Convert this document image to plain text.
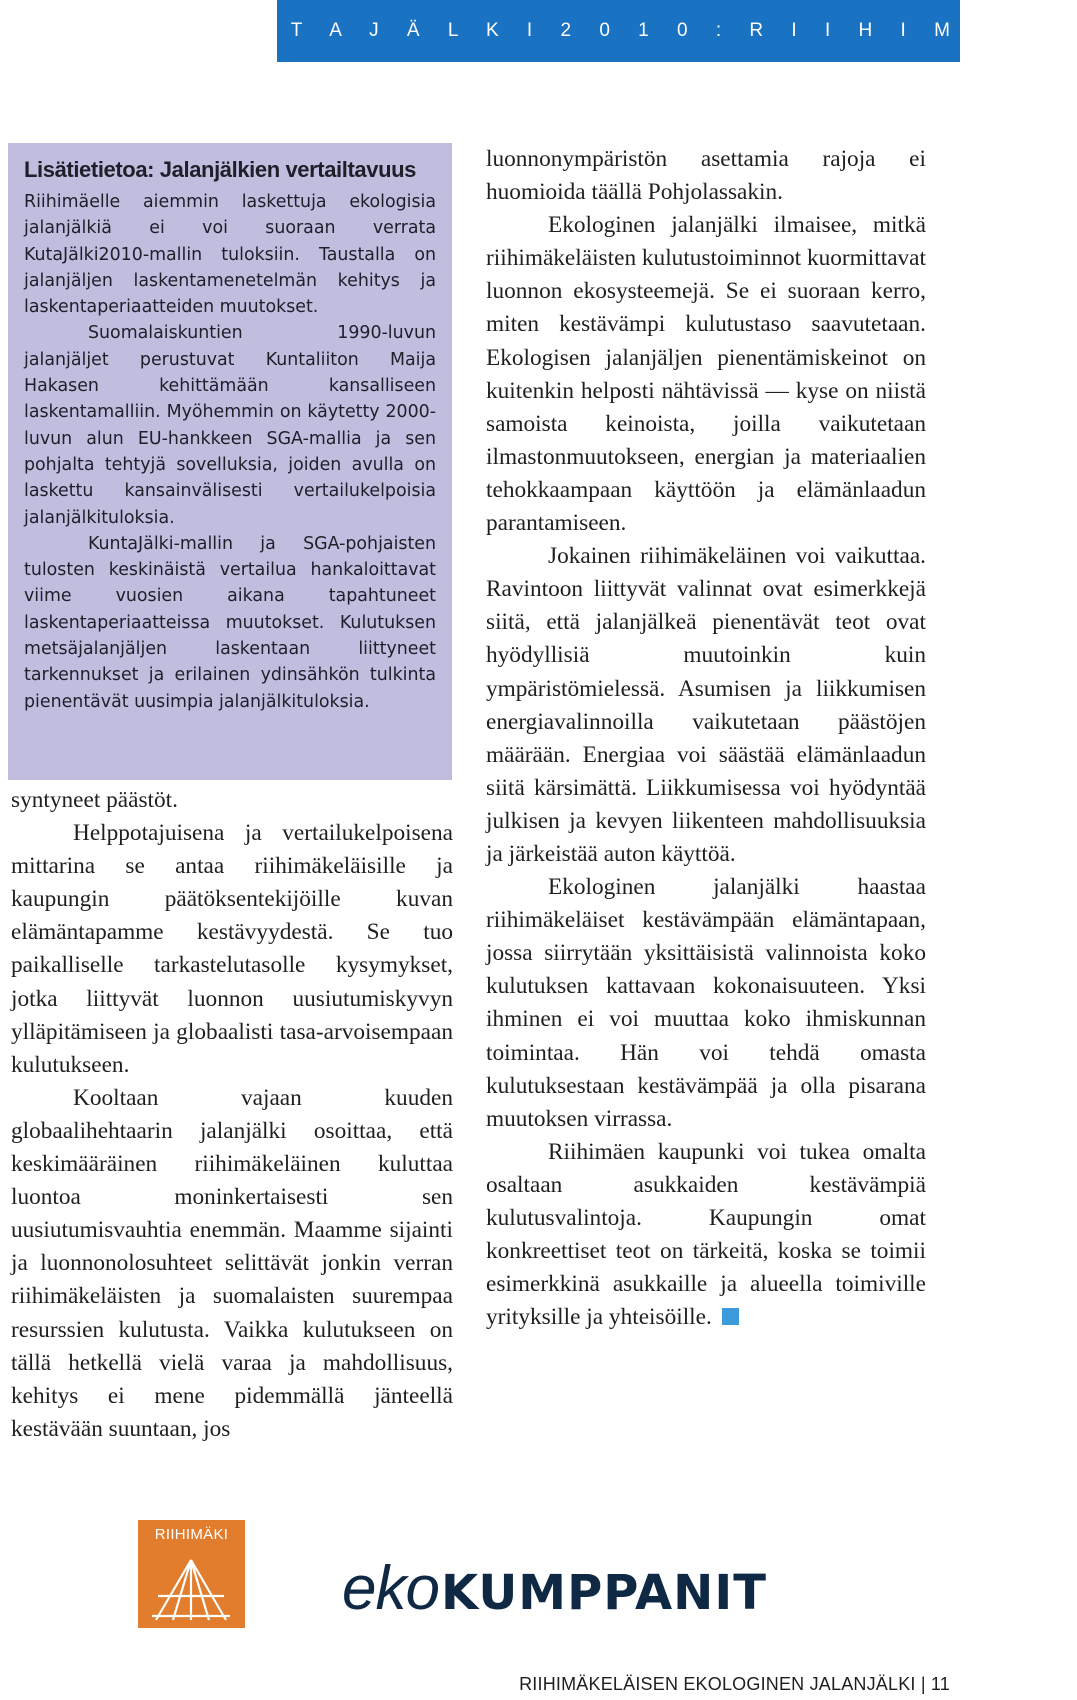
K U N T A J Ä L K I 2 0 1 0 : R I I H I M Ä K I
Lisätietietoa: Jalanjälkien vertailtavuus

Riihimäelle aiemmin laskettuja ekologisia jalanjälkiä ei voi suoraan verrata KutaJälki2010-mallin tuloksiin. Taustalla on jalanjäljen laskentamenetelmän kehitys ja laskentaperiaatteiden muutokset.

Suomalaiskuntien 1990-luvun jalanjäljet perustuvat Kuntaliiton Maija Hakasen kehittämään kansalliseen laskentamalliin. Myöhemmin on käytetty 2000-luvun alun EU-hankkeen SGA-mallia ja sen pohjalta tehtyjä sovelluksia, joiden avulla on laskettu kansainvälisesti vertailukelpoisia jalanjälkituloksia.

KuntaJälki-mallin ja SGA-pohjaisten tulosten keskinäistä vertailua hankaloittavat viime vuosien aikana tapahtuneet laskentaperiaatteissa muutokset. Kulutuksen metsäjalanjäljen laskentaan liittyneet tarkennukset ja erilainen ydinsähkön tulkinta pienentävät uusimpia jalanjälkituloksia.

syntyneet päästöt.

Helppotajuisena ja vertailukelpoisena mittarina se antaa riihimäkeläisille ja kaupungin päätöksentekijöille kuvan elämäntapamme kestävyydestä. Se tuo paikalliselle tarkastelutasolle kysymykset, jotka liittyvät luonnon uusiutumiskyvyn ylläpitämiseen ja globaalisti tasa-arvoisempaan kulutukseen.

Kooltaan vajaan kuuden globaalihehtaarin jalanjälki osoittaa, että keskimääräinen riihimäkeläinen kuluttaa luontoa moninkertaisesti sen uusiutumisvauhtia enemmän. Maamme sijainti ja luonnonolosuhteet selittävät jonkin verran riihimäkeläisten ja suomalaisten suurempaa resurssien kulutusta. Vaikka kulutukseen on tällä hetkellä vielä varaa ja mahdollisuus, kehitys ei mene pidemmällä jänteellä kestävään suuntaan, jos

luonnonympäristön asettamia rajoja ei huomioida täällä Pohjolassakin.

Ekologinen jalanjälki ilmaisee, mitkä riihimäkeläisten kulutustoiminnot kuormittavat luonnon ekosysteemejä. Se ei suoraan kerro, miten kestävämpi kulutustaso saavutetaan. Ekologisen jalanjäljen pienentämiskeinot on kuitenkin helposti nähtävissä — kyse on niistä samoista keinoista, joilla vaikutetaan ilmastonmuutokseen, energian ja materiaalien tehokkaampaan käyttöön ja elämänlaadun parantamiseen.

Jokainen riihimäkeläinen voi vaikuttaa. Ravintoon liittyvät valinnat ovat esimerkkejä siitä, että jalanjälkeä pienentävät teot ovat hyödyllisiä muutoinkin kuin ympäristömielessä. Asumisen ja liikkumisen energiavalinnoilla vaikutetaan päästöjen määrään. Energiaa voi säästää elämänlaadun siitä kärsimättä. Liikkumisessa voi hyödyntää julkisen ja kevyen liikenteen mahdollisuuksia ja järkeistää auton käyttöä.

Ekologinen jalanjälki haastaa riihimäkeläiset kestävämpään elämäntapaan, jossa siirrytään yksittäisistä valinnoista koko kulutuksen kattavaan kokonaisuuteen. Yksi ihminen ei voi muuttaa koko ihmiskunnan toimintaa. Hän voi tehdä omasta kulutuksestaan kestävämpää ja olla pisarana muutoksen virrassa.

Riihimäen kaupunki voi tukea omalta osaltaan asukkaiden kestävämpiä kulutusvalintoja. Kaupungin omat konkreettiset teot on tärkeitä, koska se toimii esimerkkinä asukkaille ja alueella toimiville yrityksille ja yhteisöille.

RIIHIMÄKI
ekoKUMPPANIT
RIIHIMÄKELÄISEN EKOLOGINEN JALANJÄLKI | 11
